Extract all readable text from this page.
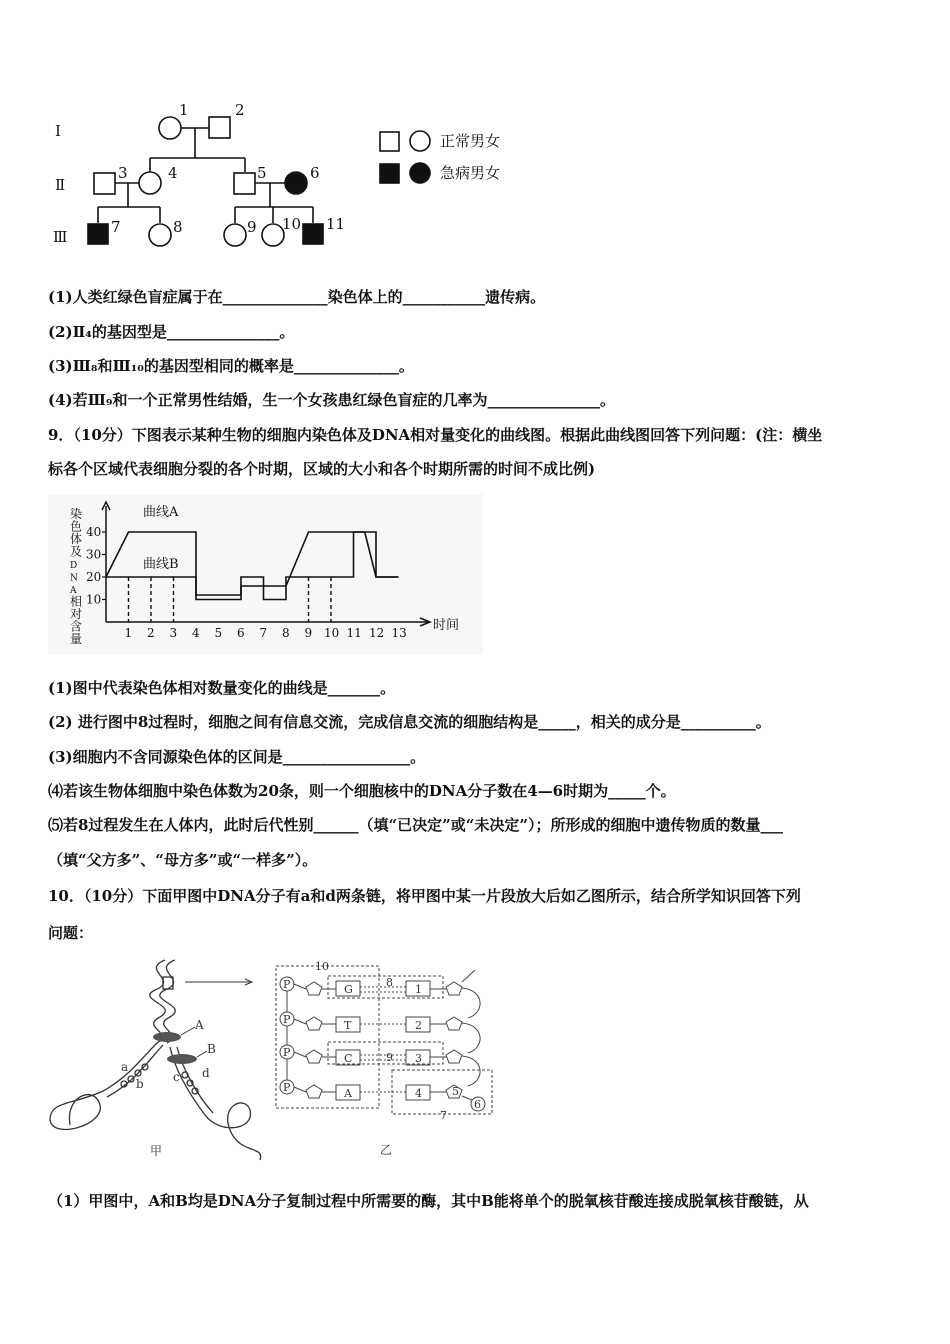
Ⅰ
Ⅱ
Ⅲ
1	2
3	4	5	6
7	8	9 10 11
正常男女
急病男女
(1)人类红绿色盲症属于在______________染色体上的___________遗传病。
(2)Ⅱ₄的基因型是_______________。
(3)Ⅲ₈和Ⅲ₁₀的基因型相同的概率是______________。
(4)若Ⅲ₉和一个正常男性结婚，生一个女孩患红绿色盲症的几率为_______________。
9．（10分）下图表示某种生物的细胞内染色体及DNA相对量变化的曲线图。根据此曲线图回答下列问题：(注：横坐
标各个区域代表细胞分裂的各个时期，区域的大小和各个时期所需的时间不成比例)
染
色
体
及
D
N
A
相
对
含
量
10
20
30
40
1 2 3 4 5 6 7 8 9 10 11 12 13
曲线A
曲线B
时间
(1)图中代表染色体相对数量变化的曲线是_______。
(2) 进行图中8过程时，细胞之间有信息交流，完成信息交流的细胞结构是_____，相关的成分是__________。
(3)细胞内不含同源染色体的区间是_________________。
⑷若该生物体细胞中染色体数为20条，则一个细胞核中的DNA分子数在4—6时期为_____个。
⑸若8过程发生在人体内，此时后代性别______（填“已决定”或“未决定”）；所形成的细胞中遗传物质的数量___
（填“父方多”、“母方多”或“一样多”）。
10．（10分）下面甲图中DNA分子有a和d两条链，将甲图中某一片段放大后如乙图所示，结合所学知识回答下列
问题：
A
B
a
b c d
甲
P
P
P
P
G
T
C
A
1
2
3
4
10
8
9
5
6
7
乙
（1）甲图中，A和B均是DNA分子复制过程中所需要的酶，其中B能将单个的脱氧核苷酸连接成脱氧核苷酸链，从
